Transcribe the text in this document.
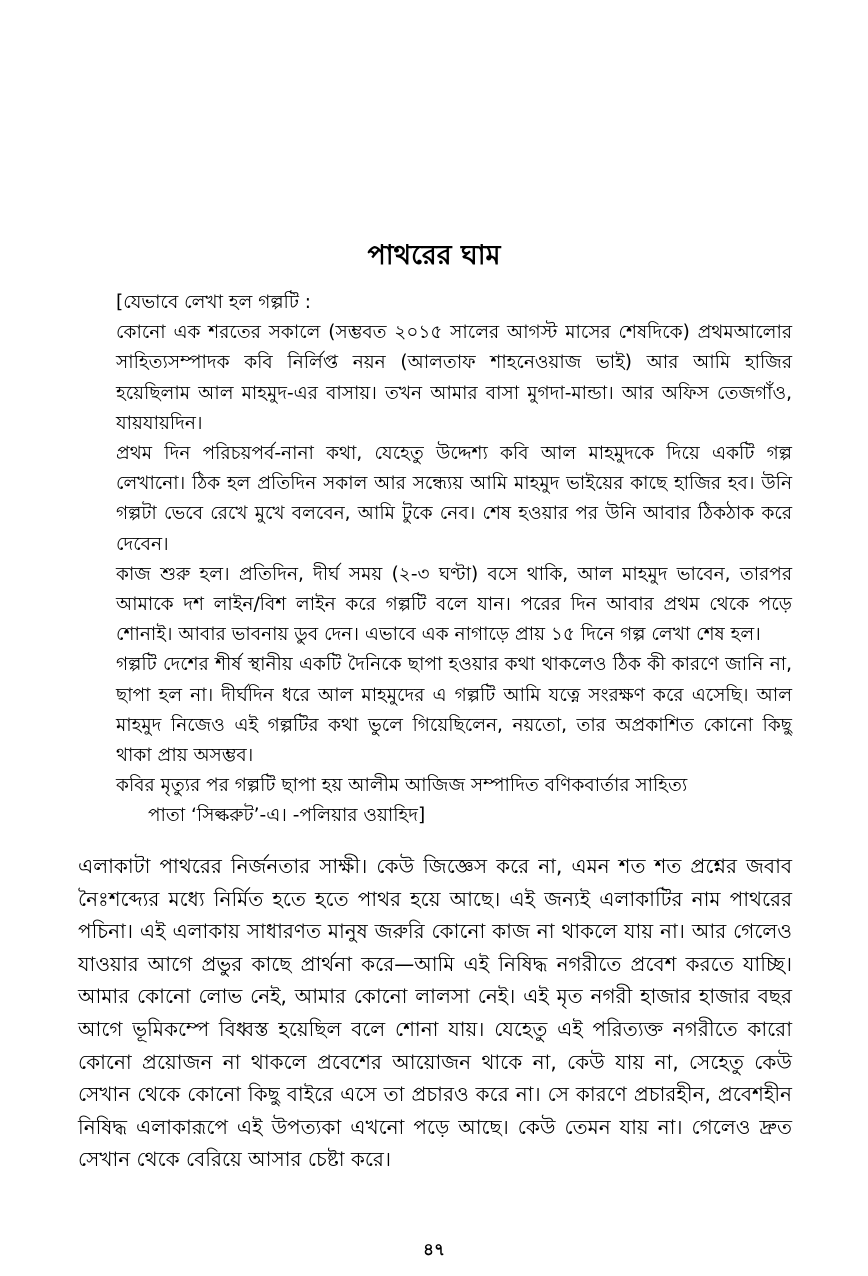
পাথরের ঘাম

[যেভাবে লেখা হল গল্পটি :

কোনো এক শরতের সকালে (সম্ভবত ২০১৫ সালের আগস্ট মাসের শেষদিকে) প্রথমআলোর সাহিত্যসম্পাদক কবি নির্লিপ্ত নয়ন (আলতাফ শাহনেওয়াজ ভাই) আর আমি হাজির হয়েছিলাম আল মাহমুদ-এর বাসায়। তখন আমার বাসা মুগদা-মান্ডা। আর অফিস তেজগাঁও, যায়যায়দিন।

প্রথম দিন পরিচয়পর্ব-নানা কথা, যেহেতু উদ্দেশ্য কবি আল মাহমুদকে দিয়ে একটি গল্প লেখানো। ঠিক হল প্রতিদিন সকাল আর সন্ধ্যেয় আমি মাহমুদ ভাইয়ের কাছে হাজির হব। উনি গল্পটা ভেবে রেখে মুখে বলবেন, আমি টুকে নেব। শেষ হওয়ার পর উনি আবার ঠিকঠাক করে দেবেন।

কাজ শুরু হল। প্রতিদিন, দীর্ঘ সময় (২-৩ ঘণ্টা) বসে থাকি, আল মাহমুদ ভাবেন, তারপর আমাকে দশ লাইন/বিশ লাইন করে গল্পটি বলে যান। পরের দিন আবার প্রথম থেকে পড়ে শোনাই। আবার ভাবনায় ডুব দেন। এভাবে এক নাগাড়ে প্রায় ১৫ দিনে গল্প লেখা শেষ হল।

গল্পটি দেশের শীর্ষ স্থানীয় একটি দৈনিকে ছাপা হওয়ার কথা থাকলেও ঠিক কী কারণে জানি না, ছাপা হল না। দীর্ঘদিন ধরে আল মাহমুদের এ গল্পটি আমি যত্নে সংরক্ষণ করে এসেছি। আল মাহমুদ নিজেও এই গল্পটির কথা ভুলে গিয়েছিলেন, নয়তো, তার অপ্রকাশিত কোনো কিছু থাকা প্রায় অসম্ভব।

কবির মৃত্যুর পর গল্পটি ছাপা হয় আলীম আজিজ সম্পাদিত বণিকবার্তার সাহিত্য

পাতা ‘সিল্করুট’-এ। -পলিয়ার ওয়াহিদ]

এলাকাটা পাথরের নির্জনতার সাক্ষী। কেউ জিজ্ঞেস করে না, এমন শত শত প্রশ্নের জবাব নৈঃশব্দ্যের মধ্যে নির্মিত হতে হতে পাথর হয়ে আছে। এই জন্যই এলাকাটির নাম পাথরের পচিনা। এই এলাকায় সাধারণত মানুষ জরুরি কোনো কাজ না থাকলে যায় না। আর গেলেও যাওয়ার আগে প্রভুর কাছে প্রার্থনা করে—আমি এই নিষিদ্ধ নগরীতে প্রবেশ করতে যাচ্ছি। আমার কোনো লোভ নেই, আমার কোনো লালসা নেই। এই মৃত নগরী হাজার হাজার বছর আগে ভূমিকম্পে বিধ্বস্ত হয়েছিল বলে শোনা যায়। যেহেতু এই পরিত্যক্ত নগরীতে কারো কোনো প্রয়োজন না থাকলে প্রবেশের আয়োজন থাকে না, কেউ যায় না, সেহেতু কেউ সেখান থেকে কোনো কিছু বাইরে এসে তা প্রচারও করে না। সে কারণে প্রচারহীন, প্রবেশহীন নিষিদ্ধ এলাকারূপে এই উপত্যকা এখনো পড়ে আছে। কেউ তেমন যায় না। গেলেও দ্রুত সেখান থেকে বেরিয়ে আসার চেষ্টা করে।

৪৭
